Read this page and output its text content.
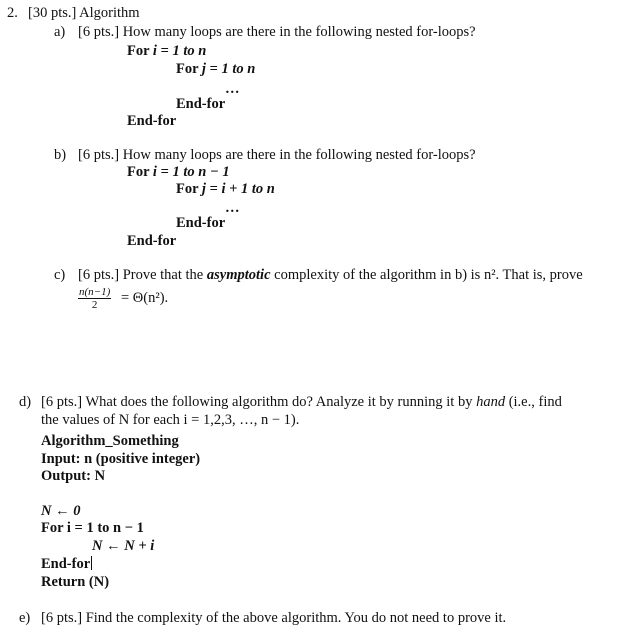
2. [30 pts.] Algorithm
a) [6 pts.] How many loops are there in the following nested for-loops?
For i = 1 to n
For j = 1 to n
…
End-for
End-for
b) [6 pts.] How many loops are there in the following nested for-loops?
For i = 1 to n − 1
For j = i + 1 to n
…
End-for
End-for
c) [6 pts.] Prove that the asymptotic complexity of the algorithm in b) is n². That is, prove
$\frac{n(n-1)}{2} = \Theta(n^2)$.
d) [6 pts.] What does the following algorithm do? Analyze it by running it by hand (i.e., find
the values of N for each i = 1,2,3, …, n − 1).
Algorithm_Something
Input: n (positive integer)
Output: N
N ← 0
For i = 1 to n − 1
N ← N + i
End-for
Return (N)
e) [6 pts.] Find the complexity of the above algorithm. You do not need to prove it.
